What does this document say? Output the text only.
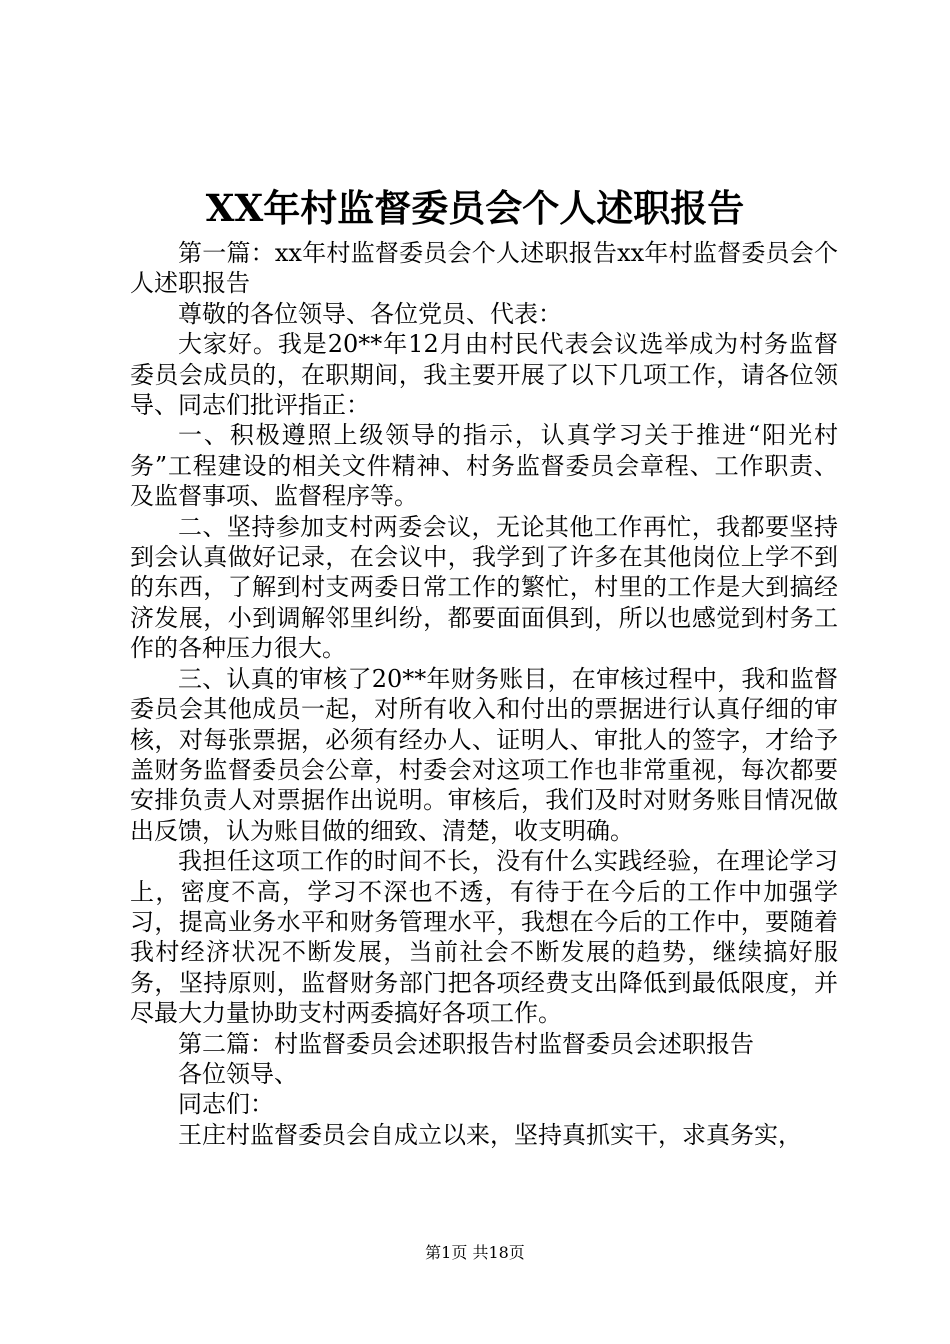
XX年村监督委员会个人述职报告

第一篇：xx年村监督委员会个人述职报告xx年村监督委员会个人述职报告

尊敬的各位领导、各位党员、代表：

大家好。我是20**年12月由村民代表会议选举成为村务监督委员会成员的，在职期间，我主要开展了以下几项工作，请各位领导、同志们批评指正：

一、积极遵照上级领导的指示，认真学习关于推进“阳光村务”工程建设的相关文件精神、村务监督委员会章程、工作职责、及监督事项、监督程序等。

二、坚持参加支村两委会议，无论其他工作再忙，我都要坚持到会认真做好记录，在会议中，我学到了许多在其他岗位上学不到的东西，了解到村支两委日常工作的繁忙，村里的工作是大到搞经济发展，小到调解邻里纠纷，都要面面俱到，所以也感觉到村务工作的各种压力很大。

三、认真的审核了20**年财务账目，在审核过程中，我和监督委员会其他成员一起，对所有收入和付出的票据进行认真仔细的审核，对每张票据，必须有经办人、证明人、审批人的签字，才给予盖财务监督委员会公章，村委会对这项工作也非常重视，每次都要安排负责人对票据作出说明。审核后，我们及时对财务账目情况做出反馈，认为账目做的细致、清楚，收支明确。

我担任这项工作的时间不长，没有什么实践经验，在理论学习上，密度不高，学习不深也不透，有待于在今后的工作中加强学习，提高业务水平和财务管理水平，我想在今后的工作中，要随着我村经济状况不断发展，当前社会不断发展的趋势，继续搞好服务，坚持原则，监督财务部门把各项经费支出降低到最低限度，并尽最大力量协助支村两委搞好各项工作。

第二篇：村监督委员会述职报告村监督委员会述职报告

各位领导、

同志们：

王庄村监督委员会自成立以来，坚持真抓实干，求真务实，

第1页 共18页
